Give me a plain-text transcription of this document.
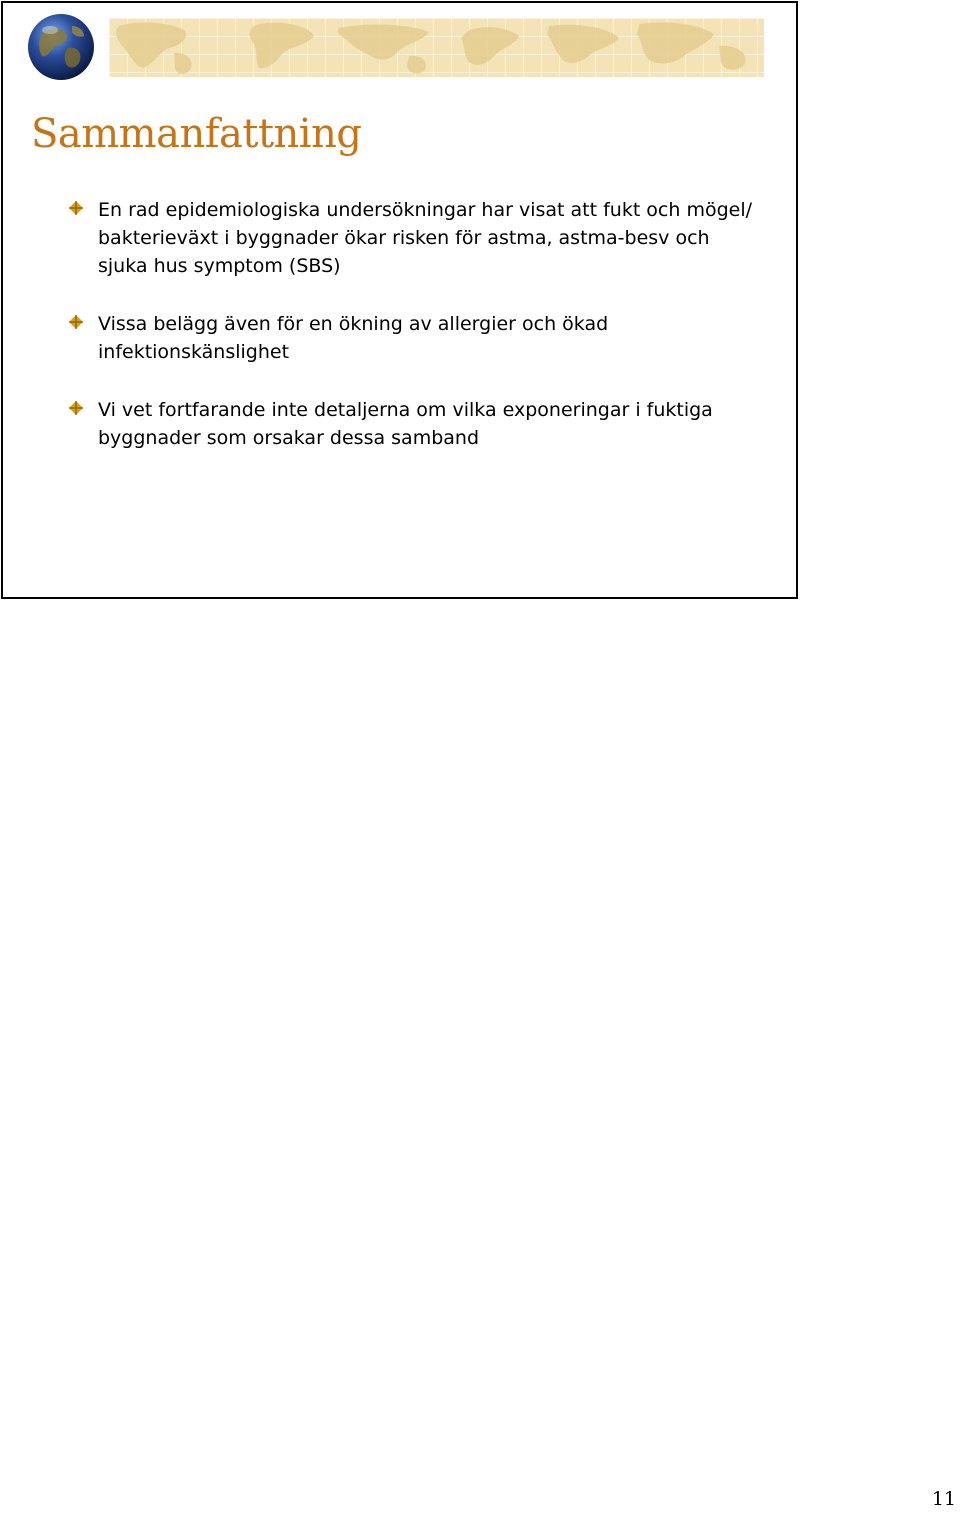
Sammanfattning

En rad epidemiologiska undersökningar har visat att fukt och mögel/ bakterieväxt i byggnader ökar risken för astma, astma-besv och sjuka hus symptom (SBS)

Vissa belägg även för en ökning av allergier och ökad infektionskänslighet

Vi vet fortfarande inte detaljerna om vilka exponeringar i fuktiga byggnader som orsakar dessa samband

11
